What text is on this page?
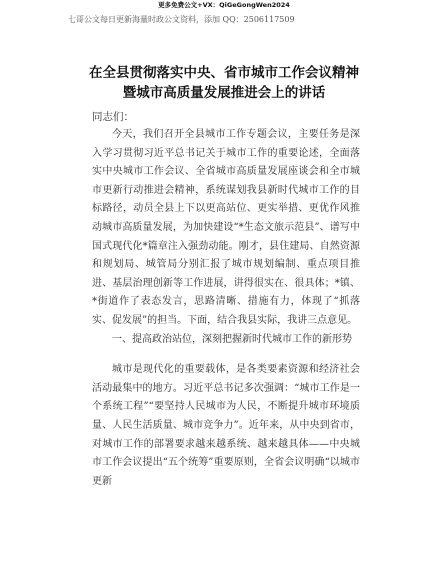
更多免费公文+VX：QiGeGongWen2024
七哥公文每日更新海量时政公文资料，添加 QQ：2506117509
在全县贯彻落实中央、省市城市工作会议精神
暨城市高质量发展推进会上的讲话
同志们：

今天，我们召开全县城市工作专题会议，主要任务是深入学习贯彻习近平总书记关于城市工作的重要论述，全面落实中央城市工作会议、全省城市高质量发展座谈会和全市城市更新行动推进会精神，系统谋划我县新时代城市工作的目标路径，动员全县上下以更高站位、更实举措、更优作风推动城市高质量发展，为加快建设“*生态文旅示范县”、谱写中国式现代化*篇章注入强劲动能。刚才，县住建局、自然资源和规划局、城管局分别汇报了城市规划编制、重点项目推进、基层治理创新等工作进展，讲得很实在、很具体；*镇、*街道作了表态发言，思路清晰、措施有力，体现了“抓落实、促发展”的担当。下面，结合我县实际，我讲三点意见。

一、提高政治站位，深刻把握新时代城市工作的新形势

城市是现代化的重要载体，是各类要素资源和经济社会活动最集中的地方。习近平总书记多次强调：“城市工作是一个系统工程”“要坚持人民城市为人民，不断提升城市环境质量、人民生活质量、城市竞争力”。近年来，从中央到省市，对城市工作的部署要求越来越系统、越来越具体——中央城市工作会议提出“五个统筹”重要原则，全省会议明确“以城市更新
